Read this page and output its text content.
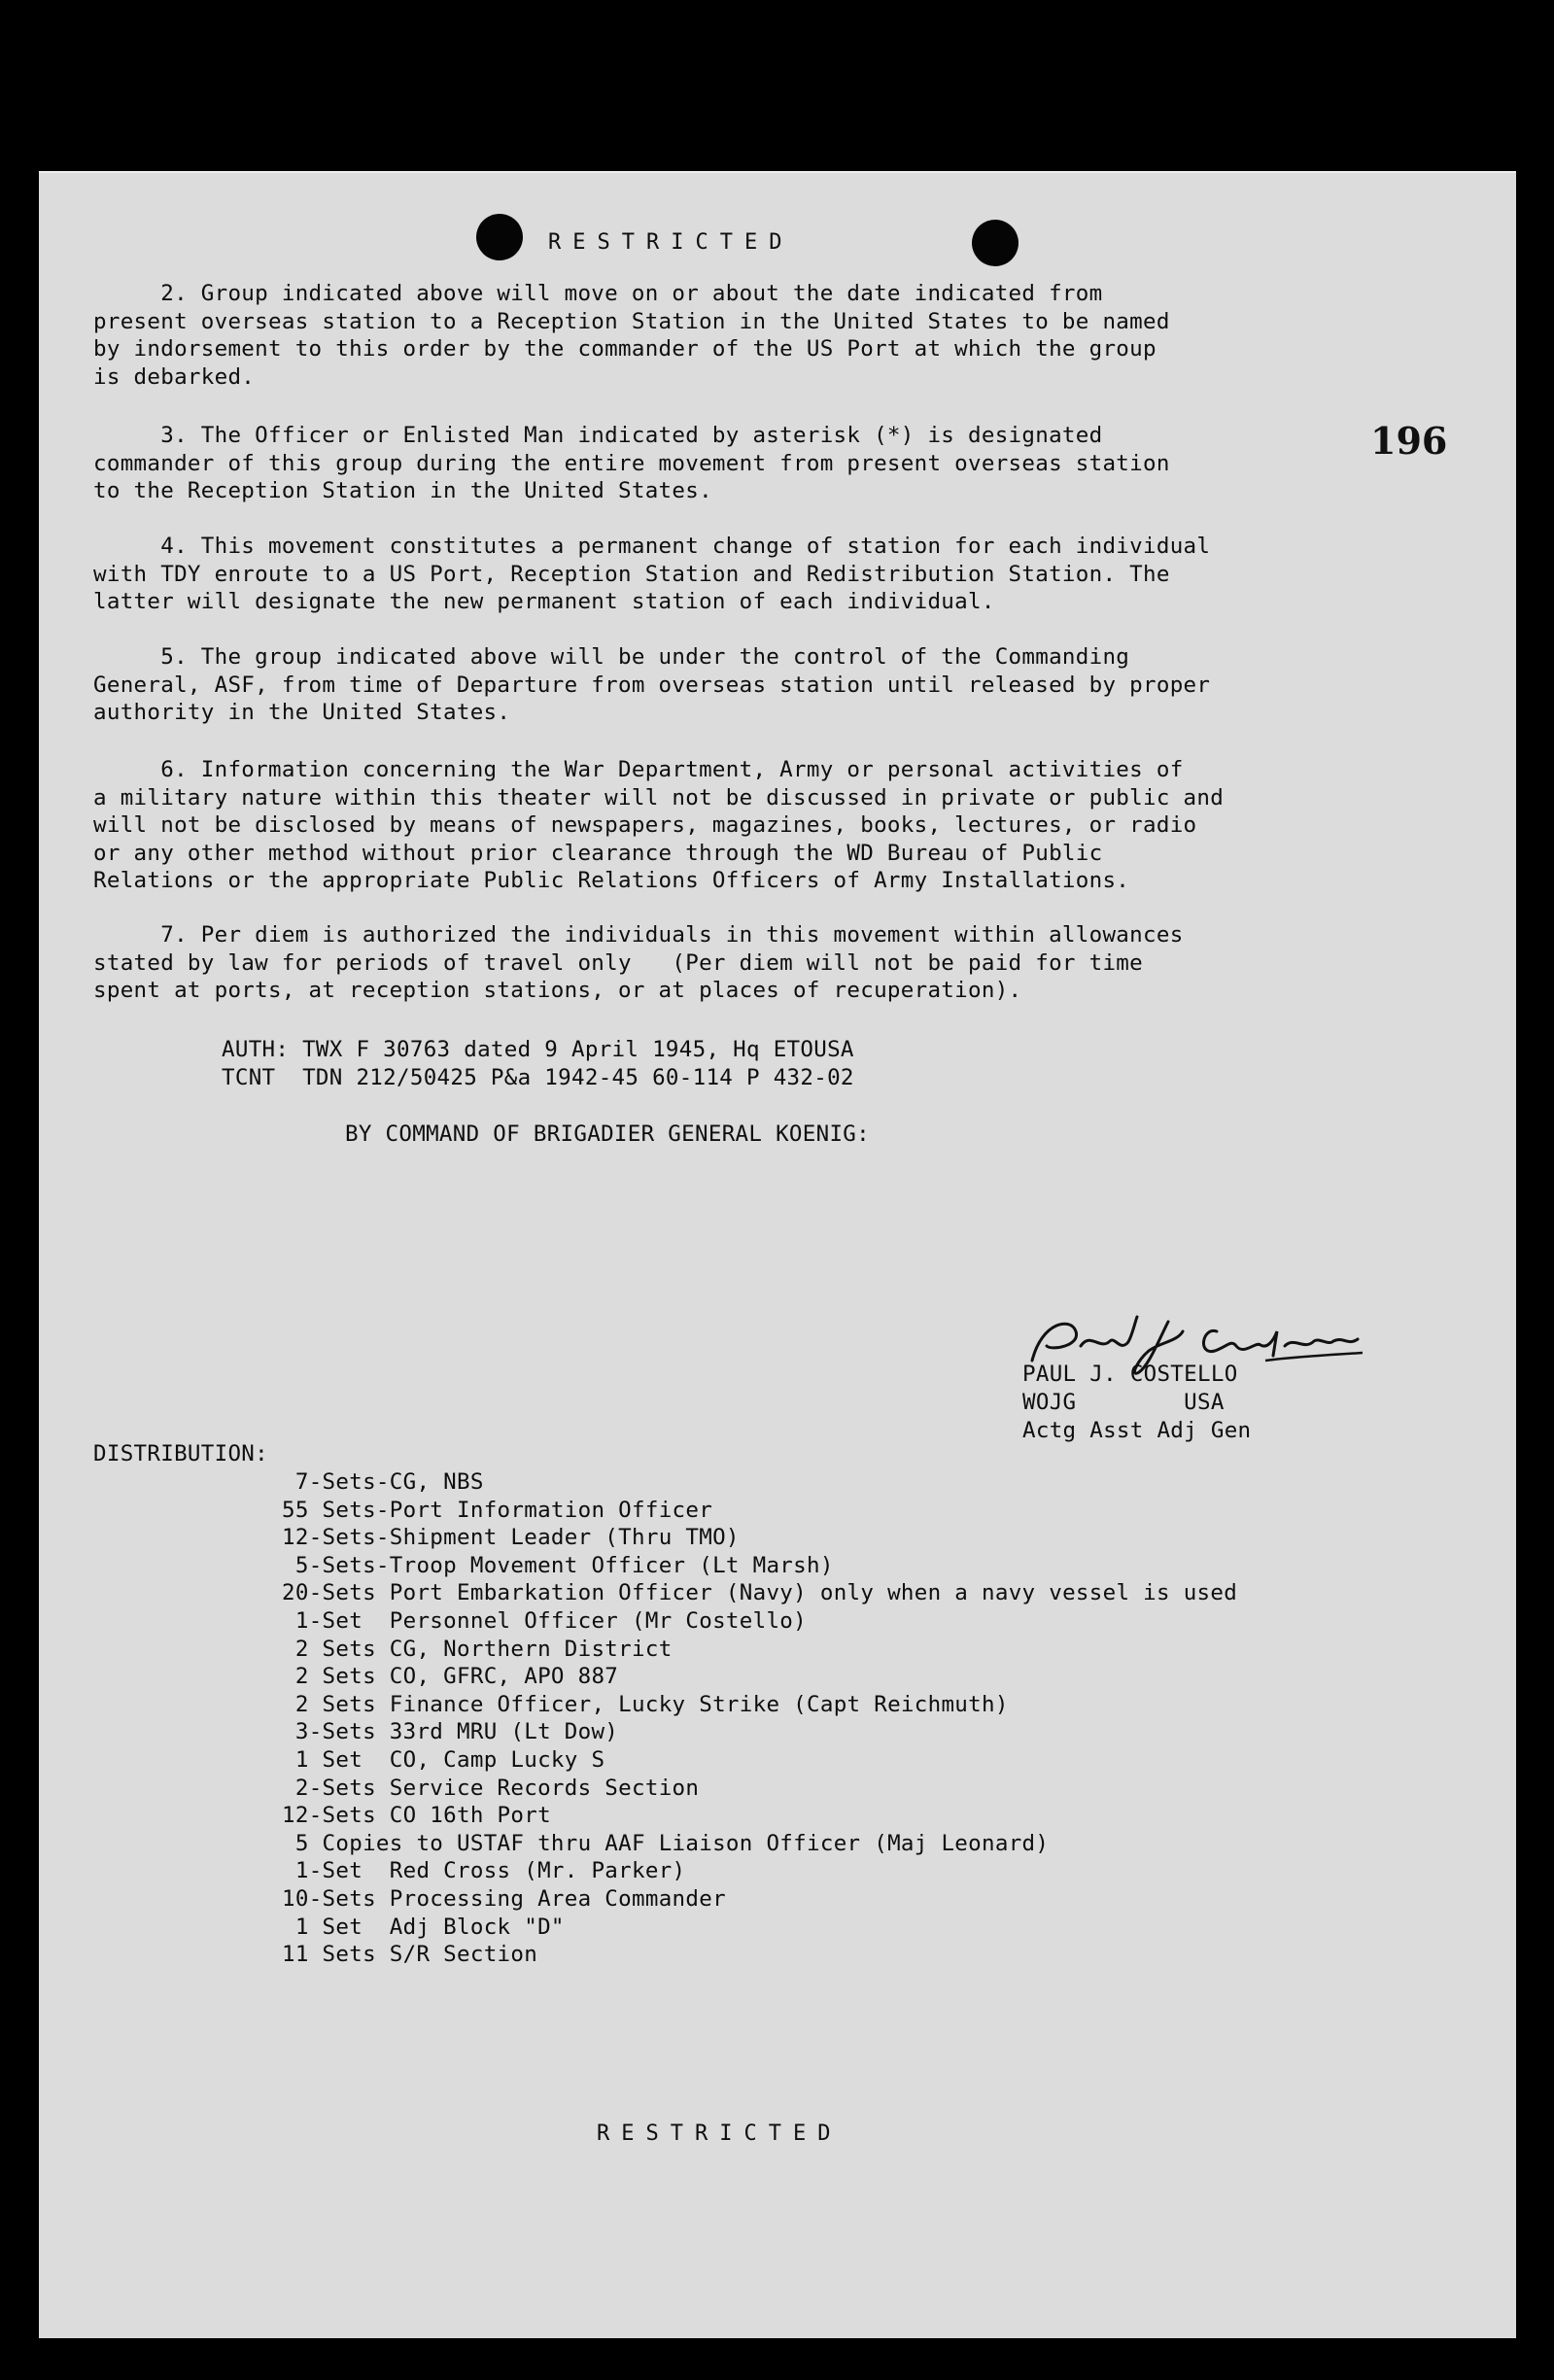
RESTRICTED

2. Group indicated above will move on or about the date indicated from
present overseas station to a Reception Station in the United States to be named
by indorsement to this order by the commander of the US Port at which the group
is debarked.

196

3. The Officer or Enlisted Man indicated by asterisk (*) is designated
commander of this group during the entire movement from present overseas station
to the Reception Station in the United States.

4. This movement constitutes a permanent change of station for each individual
with TDY enroute to a US Port, Reception Station and Redistribution Station. The
latter will designate the new permanent station of each individual.

5. The group indicated above will be under the control of the Commanding
General, ASF, from time of Departure from overseas station until released by proper
authority in the United States.

6. Information concerning the War Department, Army or personal activities of
a military nature within this theater will not be discussed in private or public and
will not be disclosed by means of newspapers, magazines, books, lectures, or radio
or any other method without prior clearance through the WD Bureau of Public
Relations or the appropriate Public Relations Officers of Army Installations.

7. Per diem is authorized the individuals in this movement within allowances
stated by law for periods of travel only   (Per diem will not be paid for time
spent at ports, at reception stations, or at places of recuperation).

AUTH: TWX F 30763 dated 9 April 1945, Hq ETOUSA
TCNT  TDN 212/50425 P&a 1942-45 60-114 P 432-02

BY COMMAND OF BRIGADIER GENERAL KOENIG:

PAUL J. COSTELLO

WOJG        USA

Actg Asst Adj Gen

DISTRIBUTION:

7-Sets-CG, NBS

55 Sets-Port Information Officer

12-Sets-Shipment Leader (Thru TMO)

5-Sets-Troop Movement Officer (Lt Marsh)

20-Sets Port Embarkation Officer (Navy) only when a navy vessel is used

1-Set  Personnel Officer (Mr Costello)

2 Sets CG, Northern District

2 Sets CO, GFRC, APO 887

2 Sets Finance Officer, Lucky Strike (Capt Reichmuth)

3-Sets 33rd MRU (Lt Dow)

1 Set  CO, Camp Lucky S

2-Sets Service Records Section

12-Sets CO 16th Port

5 Copies to USTAF thru AAF Liaison Officer (Maj Leonard)

1-Set  Red Cross (Mr. Parker)

10-Sets Processing Area Commander

1 Set  Adj Block "D"

11 Sets S/R Section

RESTRICTED
